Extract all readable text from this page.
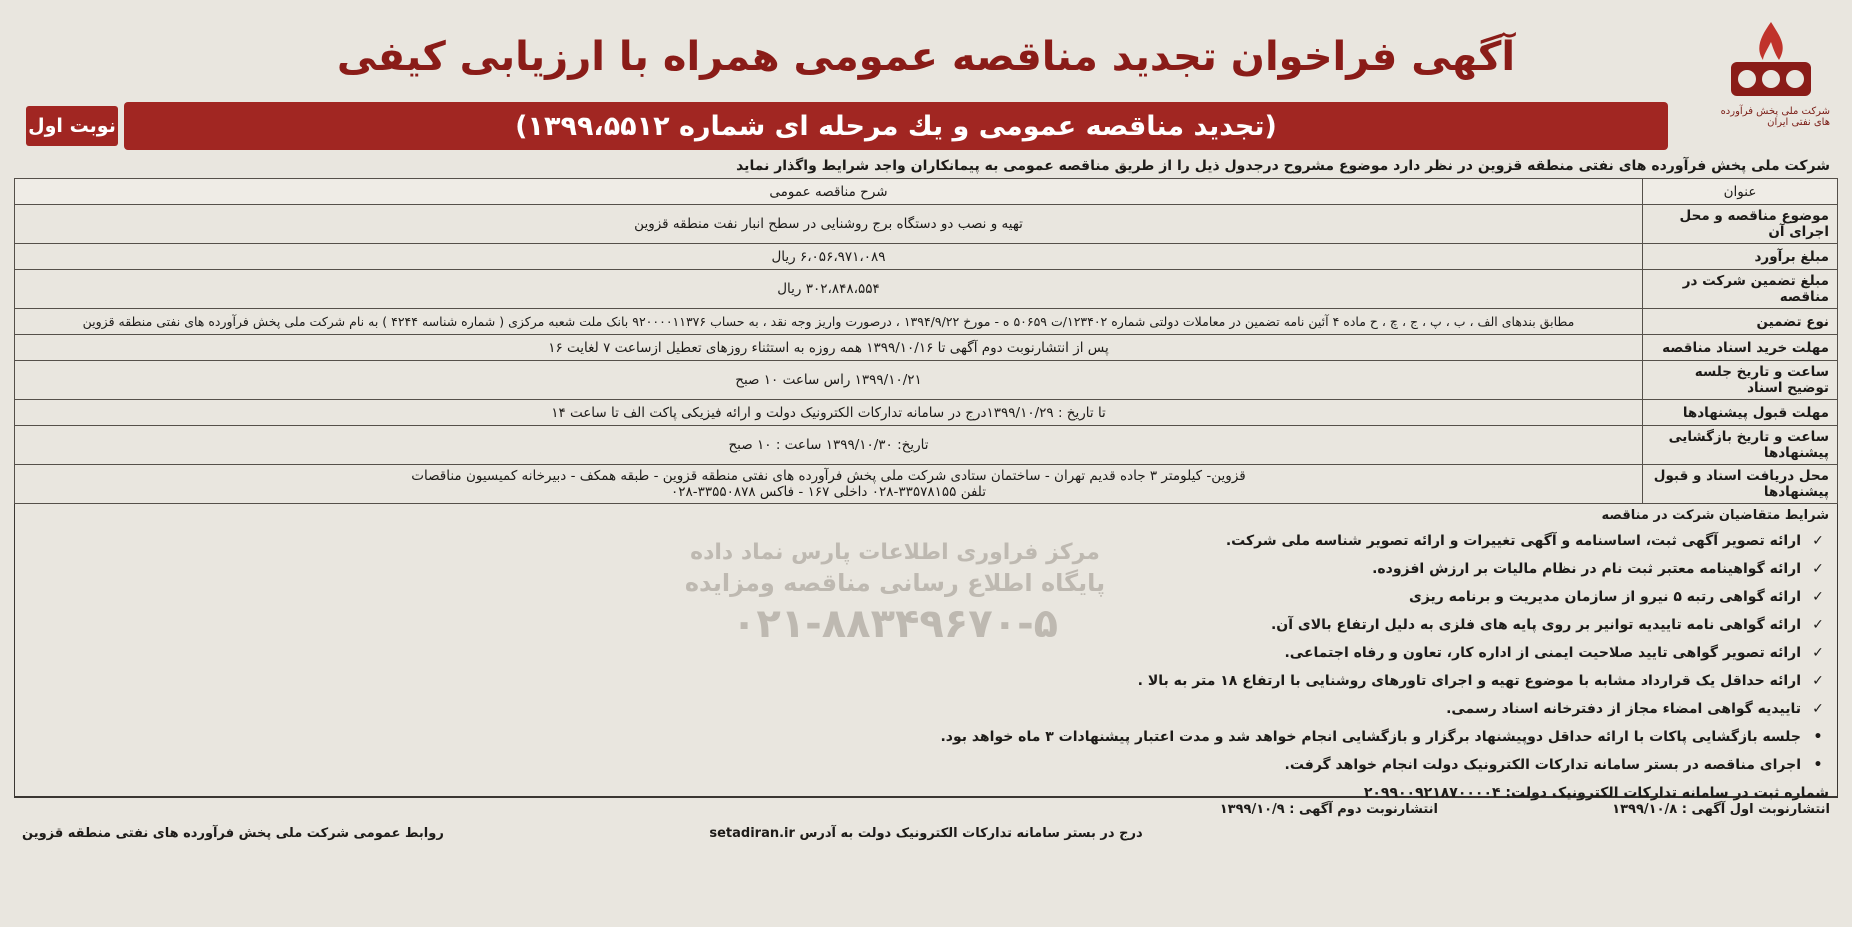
شرکت ملی پخش فرآورده های نفتی ایران
آگهی فراخوان تجدید مناقصه عمومی همراه با ارزیابی کیفی
(تجدید مناقصه عمومی و یك مرحله ای شماره ۱۳۹۹،۵۵۱۲)
نوبت اول
شرکت ملی پخش فرآورده های نفتی منطقه قزوین در نظر دارد موضوع مشروح درجدول ذیل را از طریق مناقصه عمومی به پیمانکاران واجد شرایط واگذار نماید
عنوان	شرح مناقصه عمومی
موضوع مناقصه و محل اجرای آن	تهیه و نصب دو دستگاه برج روشنایی در سطح انبار نفت منطقه قزوین
مبلغ برآورد	۶،۰۵۶،۹۷۱،۰۸۹ ریال
مبلغ تضمین شرکت در مناقصه	۳۰۲،۸۴۸،۵۵۴ ریال
نوع تضمین	مطابق بندهای الف ، ب ، پ ، ج ، چ ، ح ماده ۴ آئین نامه تضمین در معاملات دولتی شماره ۱۲۳۴۰۲/ت ۵۰۶۵۹ ه - مورخ ۱۳۹۴/۹/۲۲ ، درصورت واریز وجه نقد ، به حساب ۹۲۰۰۰۰۱۱۳۷۶ بانک ملت شعبه مرکزی ( شماره شناسه ۴۲۴۴ ) به نام شرکت ملی پخش فرآورده های نفتی منطقه قزوین
مهلت خرید اسناد مناقصه	پس از انتشارنوبت دوم آگهی تا ۱۳۹۹/۱۰/۱۶ همه روزه به استثناء روزهای تعطیل ازساعت ۷ لغایت ۱۶
ساعت و تاریخ جلسه توضیح اسناد	۱۳۹۹/۱۰/۲۱ راس ساعت ۱۰ صبح
مهلت قبول پیشنهادها	تا تاریخ : ۱۳۹۹/۱۰/۲۹درج در سامانه تدارکات الکترونیک دولت و ارائه فیزیکی پاکت الف تا ساعت ۱۴
ساعت و تاریخ بازگشایی پیشنهادها	تاریخ: ۱۳۹۹/۱۰/۳۰ ساعت : ۱۰ صبح
محل دریافت اسناد و قبول پیشنهادها	قزوین- کیلومتر ۳ جاده قدیم تهران - ساختمان ستادی شرکت ملی پخش فرآورده های نفتی منطقه قزوین - طبقه همکف - دبیرخانه کمیسیون مناقصات
تلفن ۳۳۵۷۸۱۵۵-۰۲۸ داخلی ۱۶۷ - فاکس ۳۳۵۵۰۸۷۸-۰۲۸
شرایط متقاضیان شرکت در مناقصه
✓
ارائه تصویر آگهی ثبت، اساسنامه و آگهی تغییرات و ارائه تصویر شناسه ملی شرکت.
✓
ارائه گواهینامه معتبر ثبت نام در نظام مالیات بر ارزش افزوده.
✓
ارائه گواهی رتبه ۵ نیرو از سازمان مدیریت و برنامه ریزی
✓
ارائه گواهی نامه تاییدیه توانیر بر روی پایه های فلزی به دلیل ارتفاع بالای آن.
✓
ارائه تصویر گواهی تایید صلاحیت ایمنی از اداره کار، تعاون و رفاه اجتماعی.
✓
ارائه حداقل یک قرارداد مشابه با موضوع تهیه و اجرای تاورهای روشنایی با ارتفاع ۱۸ متر به بالا .
✓
تاییدیه گواهی امضاء مجاز از دفترخانه اسناد رسمی.
•
جلسه بازگشایی پاکات با ارائه حداقل دوپیشنهاد برگزار و بازگشایی انجام خواهد شد و مدت اعتبار پیشنهادات ۳ ماه خواهد بود.
•
اجرای مناقصه در بستر سامانه تدارکات الکترونیک دولت انجام خواهد گرفت.
شماره ثبت در سامانه تدارکات الکترونیک دولت: ۲۰۹۹۰۰۹۲۱۸۷۰۰۰۰۴
مرکز فراوری اطلاعات پارس نماد داده
پایگاه اطلاع رسانی مناقصه ومزایده
۰۲۱-۸۸۳۴۹۶۷۰-۵
انتشارنوبت اول آگهی : ۱۳۹۹/۱۰/۸
انتشارنوبت دوم آگهی : ۱۳۹۹/۱۰/۹
درج در بستر سامانه تدارکات الکترونیک دولت به آدرس setadiran.ir
روابط عمومی شرکت ملی پخش فرآورده های نفتی منطقه قزوین
